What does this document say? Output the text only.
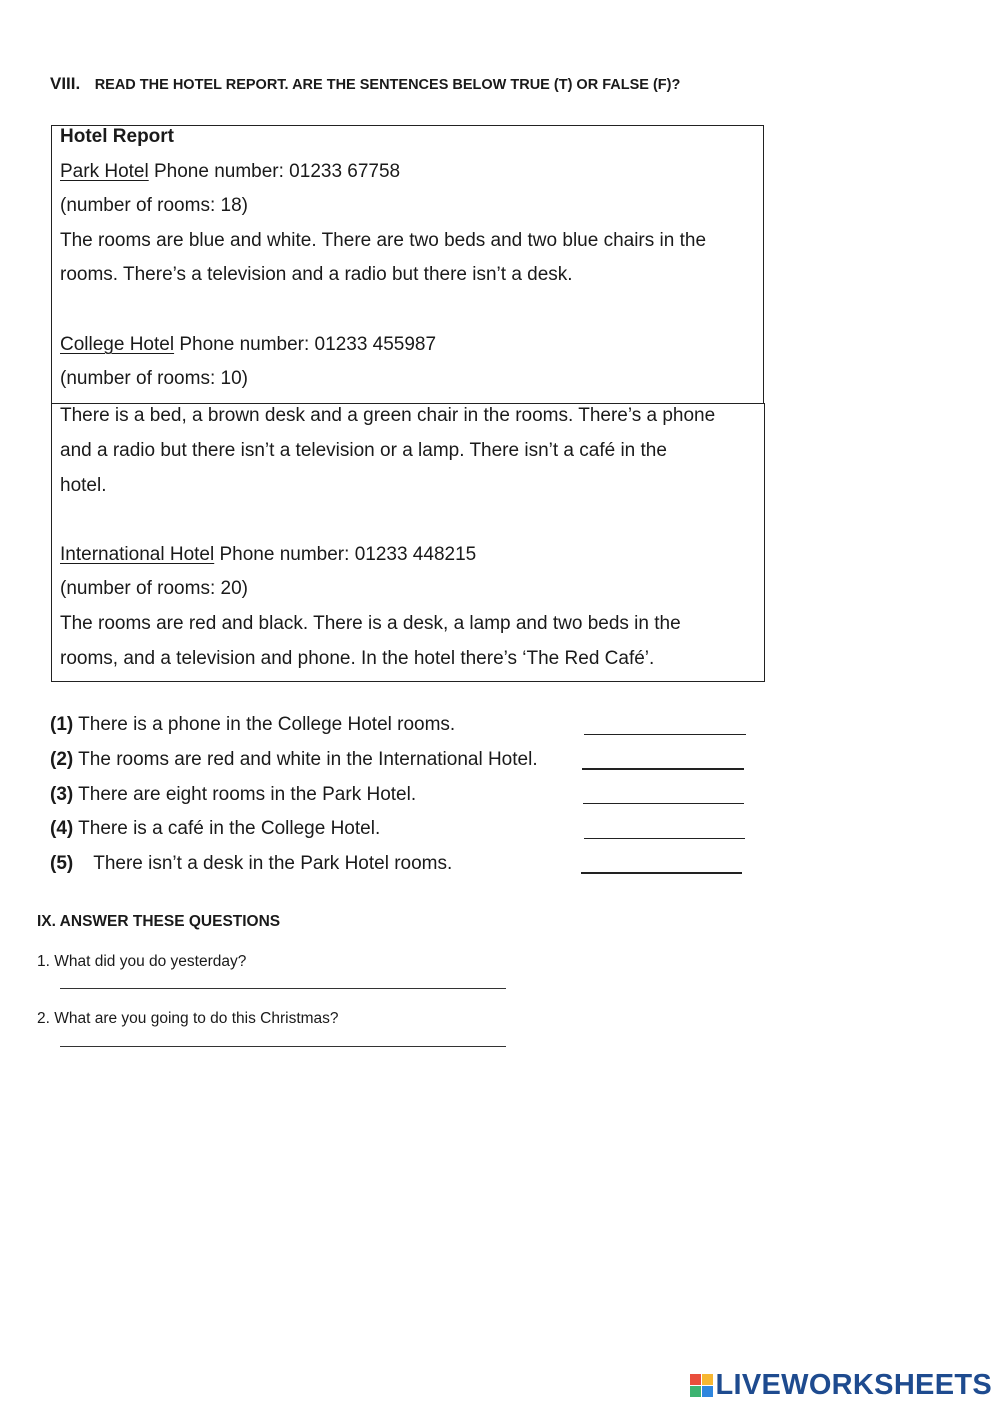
VIII. READ THE HOTEL REPORT. ARE THE SENTENCES BELOW TRUE (T) OR FALSE (F)?
Hotel Report
Park Hotel Phone number: 01233 67758
(number of rooms: 18)
The rooms are blue and white. There are two beds and two blue chairs in the
rooms. There’s a television and a radio but there isn’t a desk.
College Hotel Phone number: 01233 455987
(number of rooms: 10)
There is a bed, a brown desk and a green chair in the rooms. There’s a phone
and a radio but there isn’t a television or a lamp. There isn’t a café in the
hotel.
International Hotel Phone number: 01233 448215
(number of rooms: 20)
The rooms are red and black. There is a desk, a lamp and two beds in the
rooms, and a television and phone. In the hotel there’s ‘The Red Café’.
(1) There is a phone in the College Hotel rooms.
(2) The rooms are red and white in the International Hotel.
(3) There are eight rooms in the Park Hotel.
(4) There is a café in the College Hotel.
(5) There isn’t a desk in the Park Hotel rooms.
IX. ANSWER THESE QUESTIONS
1. What did you do yesterday?
2. What are you going to do this Christmas?
LIVEWORKSHEETS
